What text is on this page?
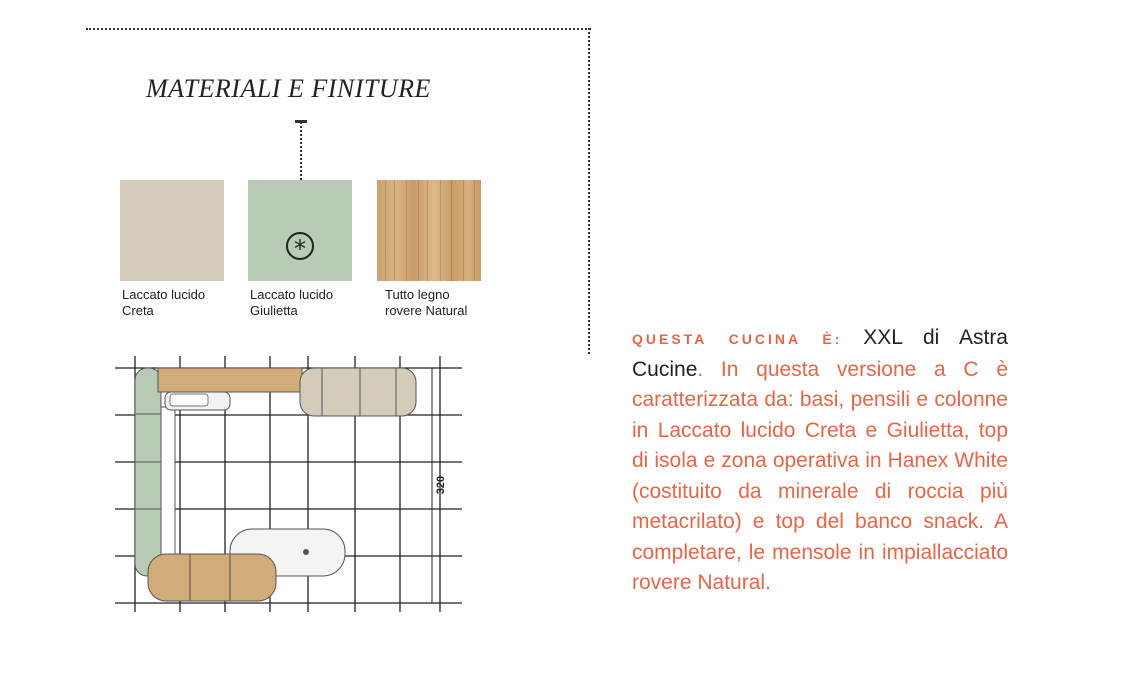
MATERIALI E FINITURE
*
Laccato lucido
Creta
Laccato lucido
Giulietta
Tutto legno
rovere Natural
320
QUESTA CUCINA È: XXL di Astra Cucine. In questa versione a C è caratterizzata da: basi, pensili e colonne in Laccato lucido Creta e Giulietta, top di isola e zona operativa in Hanex White (costituito da minerale di roccia più metacrilato) e top del banco snack. A completare, le mensole in impiallacciato rovere Natural.
